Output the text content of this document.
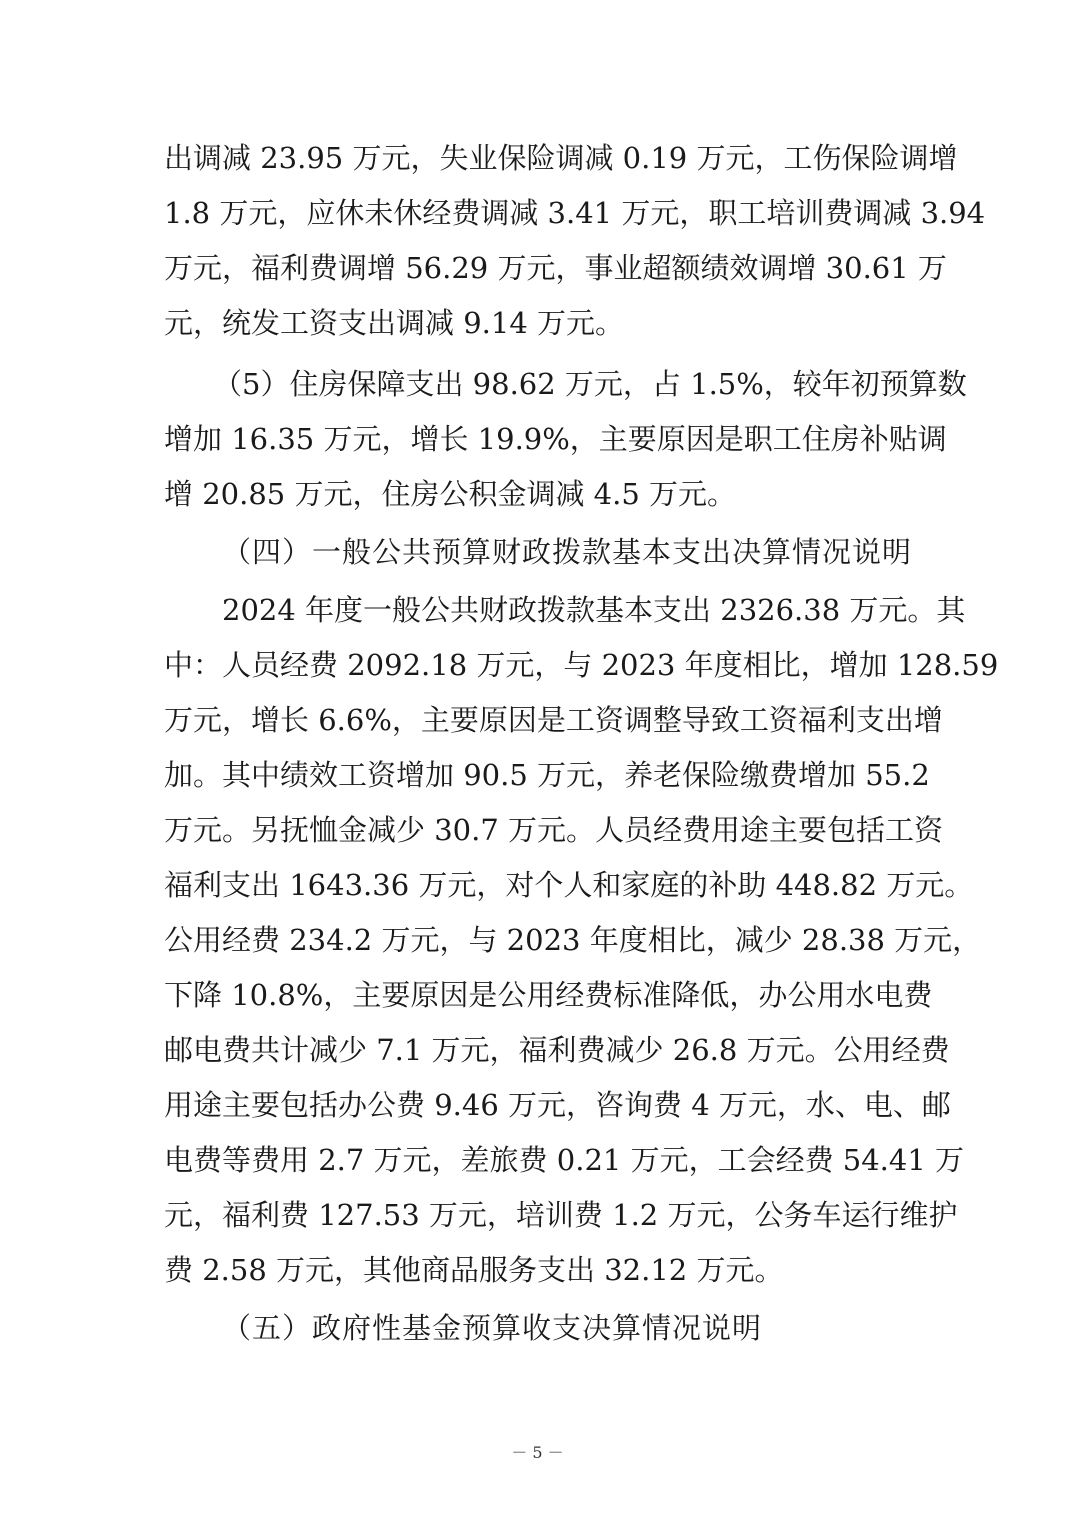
出调减 23.95 万元，失业保险调减 0.19 万元，工伤保险调增
1.8 万元，应休未休经费调减 3.41 万元，职工培训费调减 3.94
万元，福利费调增 56.29 万元，事业超额绩效调增 30.61 万
元，统发工资支出调减 9.14 万元。
（5）住房保障支出 98.62 万元，占 1.5%，较年初预算数
增加 16.35 万元，增长 19.9%，主要原因是职工住房补贴调
增 20.85 万元，住房公积金调减 4.5 万元。
（四）一般公共预算财政拨款基本支出决算情况说明
2024 年度一般公共财政拨款基本支出 2326.38 万元。其
中：人员经费 2092.18 万元，与 2023 年度相比，增加 128.59
万元，增长 6.6%，主要原因是工资调整导致工资福利支出增
加。其中绩效工资增加 90.5 万元，养老保险缴费增加 55.2
万元。另抚恤金减少 30.7 万元。人员经费用途主要包括工资
福利支出 1643.36 万元，对个人和家庭的补助 448.82 万元。
公用经费 234.2 万元，与 2023 年度相比，减少 28.38 万元，
下降 10.8%，主要原因是公用经费标准降低，办公用水电费
邮电费共计减少 7.1 万元，福利费减少 26.8 万元。公用经费
用途主要包括办公费 9.46 万元，咨询费 4 万元，水、电、邮
电费等费用 2.7 万元，差旅费 0.21 万元，工会经费 54.41 万
元，福利费 127.53 万元，培训费 1.2 万元，公务车运行维护
费 2.58 万元，其他商品服务支出 32.12 万元。
（五）政府性基金预算收支决算情况说明
－ 5 －
